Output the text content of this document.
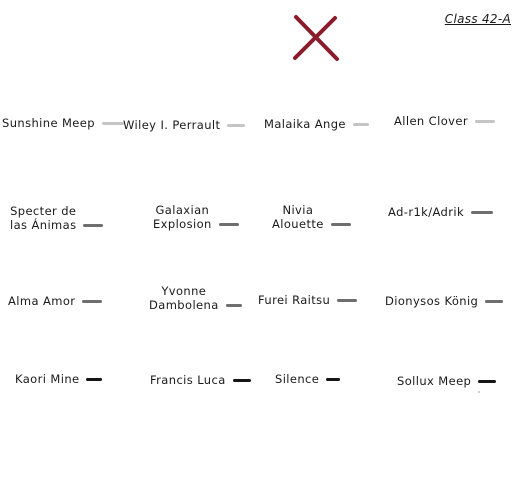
Class 42-A
Sunshine Meep Wiley I. Perrault	Malaika Ange	Allen Clover
Specter de
las Ánimas
Galaxian
Explosion
Nivia
Alouette
Ad-r1k/Adrik
Alma Amor
Yvonne
Dambolena	Furei Raitsu	Dionysos König
Kaori Mine	Francis Luca	Silence	Sollux Meep
